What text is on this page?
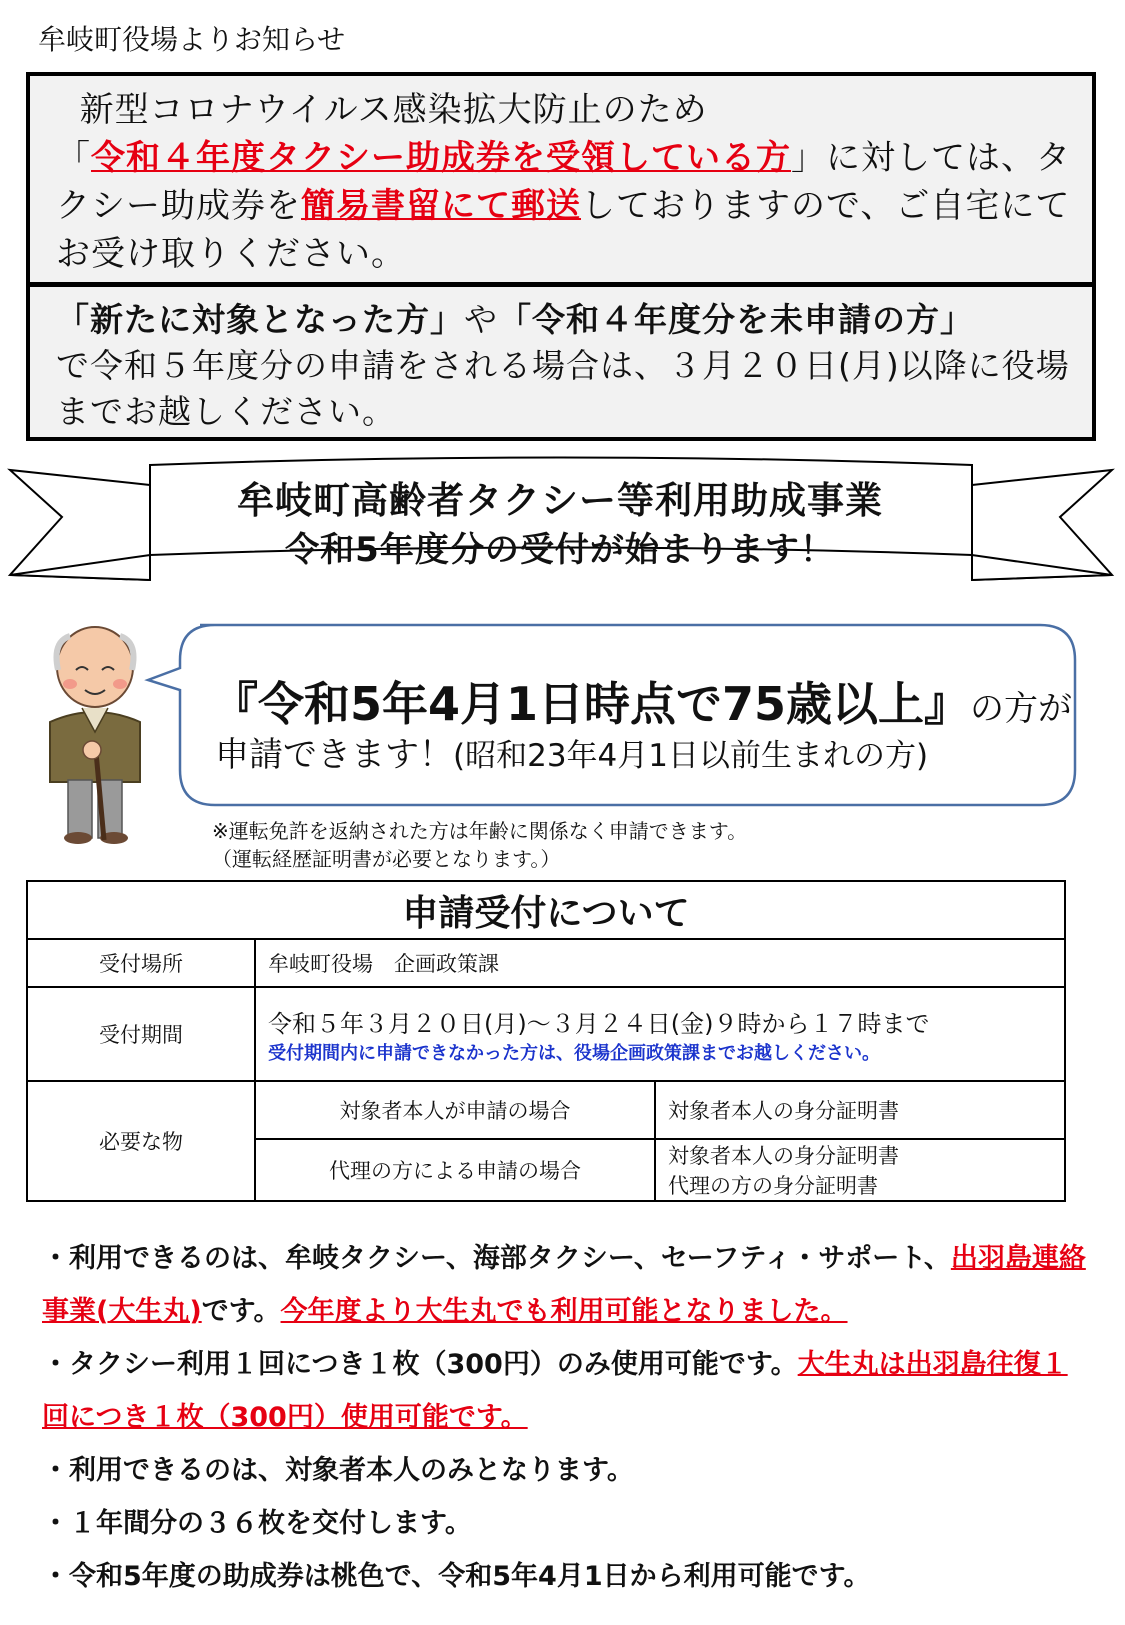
牟岐町役場よりお知らせ
新型コロナウイルス感染拡大防止のため
「令和４年度タクシー助成券を受領している方」に対しては、タクシー助成券を簡易書留にて郵送しておりますので、ご自宅にてお受け取りください。
「新たに対象となった方」や「令和４年度分を未申請の方」
で令和５年度分の申請をされる場合は、３月２０日(月)以降に役場までお越しください。
牟岐町高齢者タクシー等利用助成事業
令和5年度分の受付が始まります！
『令和5年4月1日時点で75歳以上』の方が
申請できます！(昭和23年4月1日以前生まれの方)
※運転免許を返納された方は年齢に関係なく申請できます。
（運転経歴証明書が必要となります。）
申請受付について		
受付場所	牟岐町役場　企画政策課	
受付期間	令和５年３月２０日(月)～３月２４日(金)９時から１７時まで
受付期間内に申請できなかった方は、役場企画政策課までお越しください。	

必要な物	対象者本人が申請の場合	対象者本人の身分証明書
	代理の方による申請の場合	対象者本人の身分証明書
代理の方の身分証明書
・利用できるのは、牟岐タクシー、海部タクシー、セーフティ・サポート、出羽島連絡事業(大生丸)です。今年度より大生丸でも利用可能となりました。
・タクシー利用１回につき１枚（300円）のみ使用可能です。大生丸は出羽島往復１回につき１枚（300円）使用可能です。
・利用できるのは、対象者本人のみとなります。
・１年間分の３６枚を交付します。
・令和5年度の助成券は桃色で、令和5年4月1日から利用可能です。
